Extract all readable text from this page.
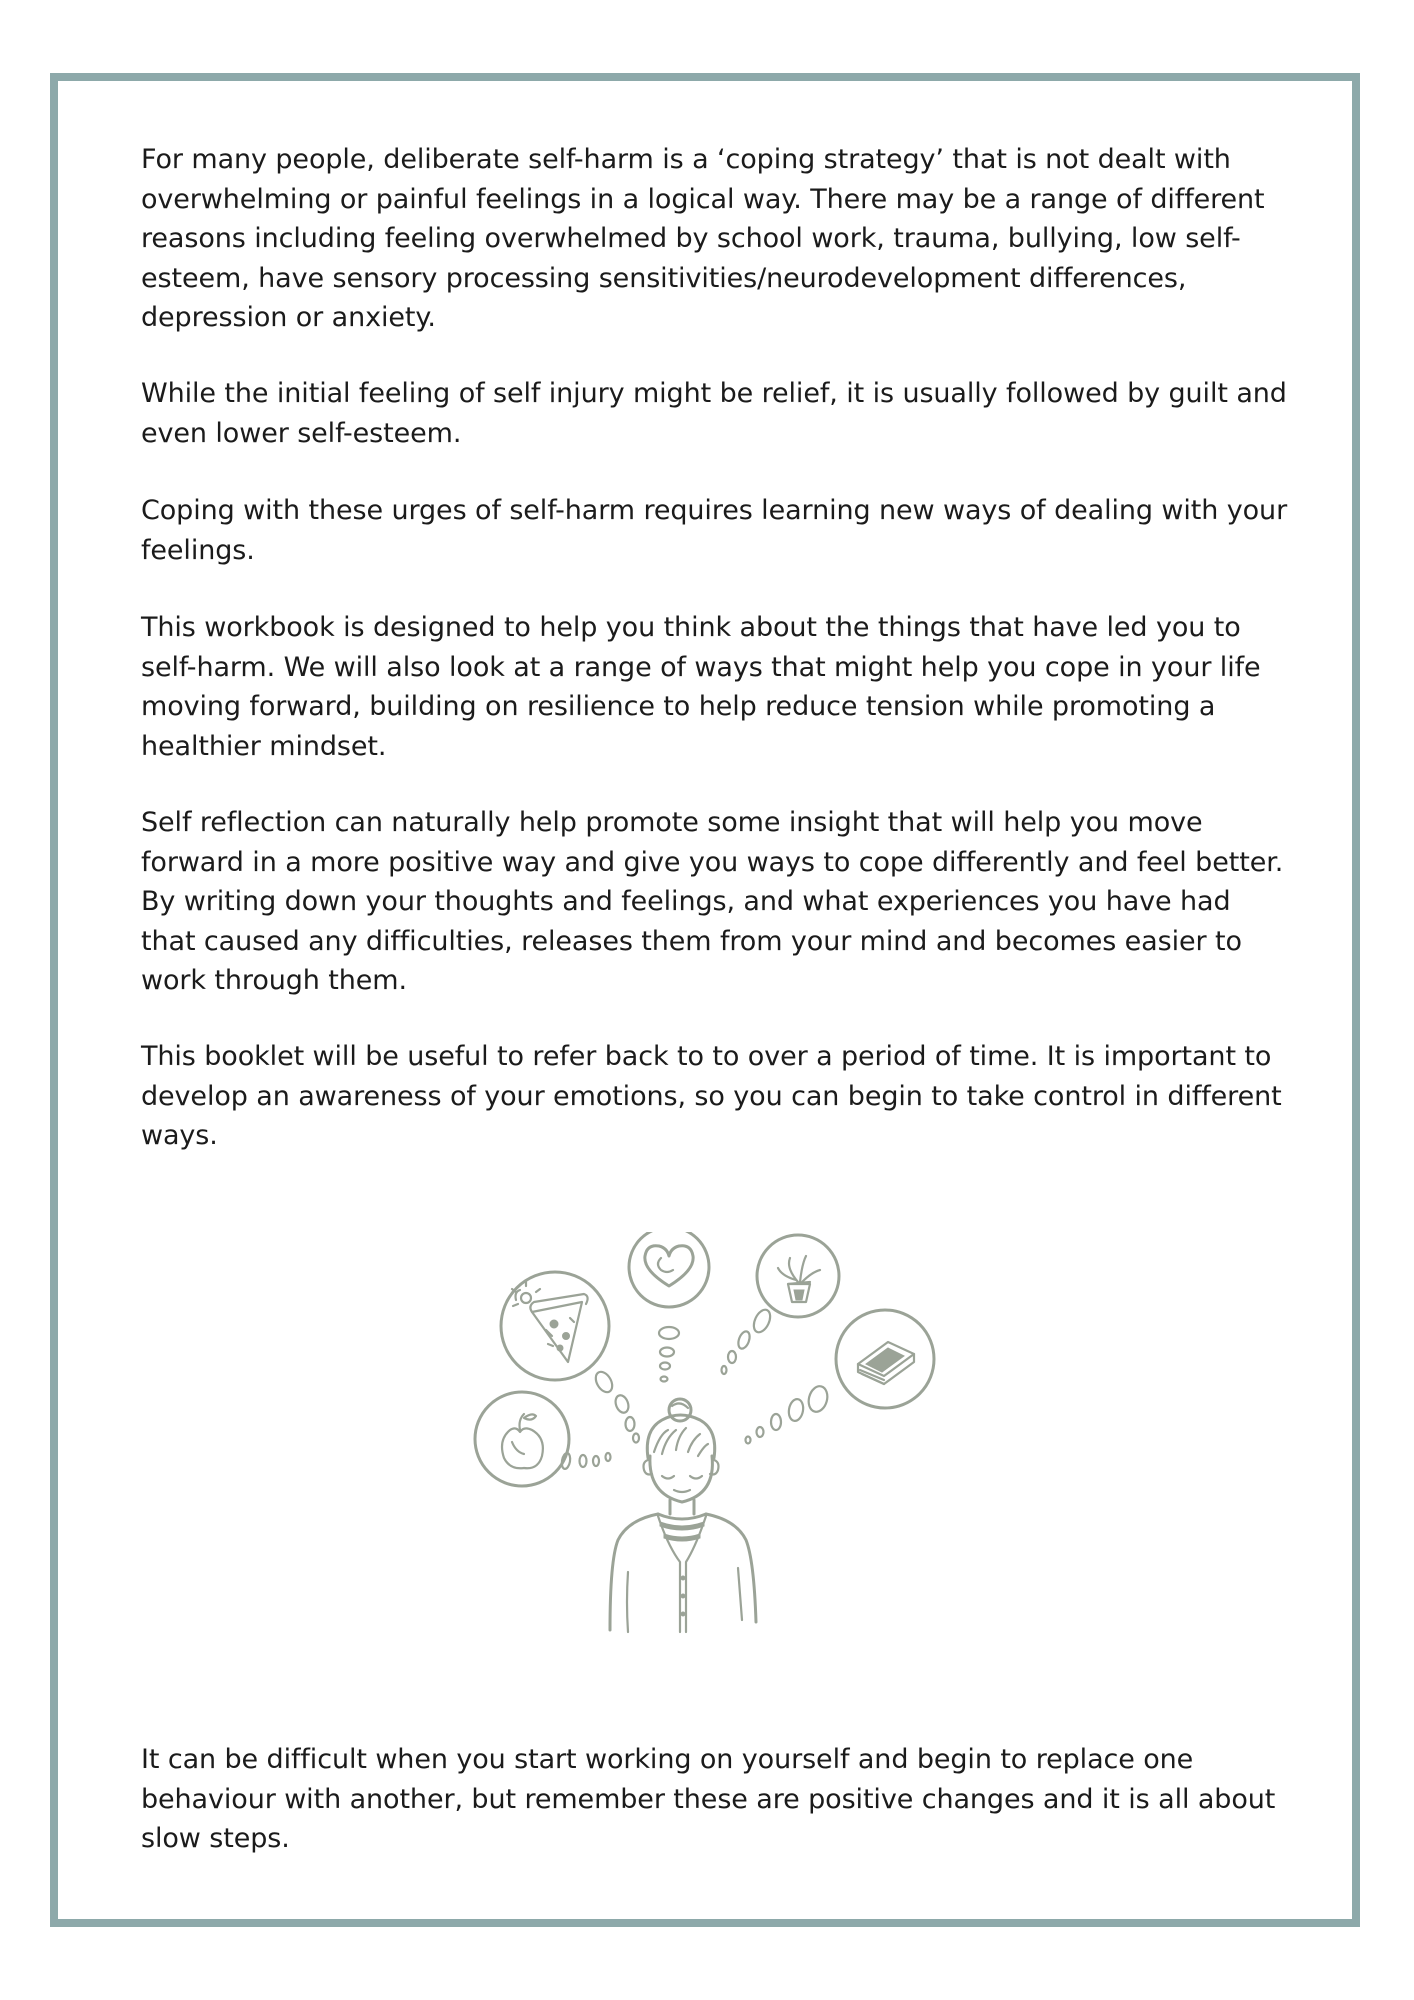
For many people, deliberate self-harm is a ‘coping strategy’ that is not dealt with overwhelming or painful feelings in a logical way. There may be a range of different reasons including feeling overwhelmed by school work, trauma, bullying, low self-esteem, have sensory processing sensitivities/neurodevelopment differences, depression or anxiety.

While the initial feeling of self injury might be relief, it is usually followed by guilt and even lower self-esteem.

Coping with these urges of self-harm requires learning new ways of dealing with your feelings.

This workbook is designed to help you think about the things that have led you to self-harm. We will also look at a range of ways that might help you cope in your life moving forward, building on resilience to help reduce tension while promoting a healthier mindset.

Self reflection can naturally help promote some insight that will help you move forward in a more positive way and give you ways to cope differently and feel better. By writing down your thoughts and feelings, and what experiences you have had that caused any difficulties, releases them from your mind and becomes easier to work through them.

This booklet will be useful to refer back to to over a period of time. It is important to develop an awareness of your emotions, so you can begin to take control in different ways.

It can be difficult when you start working on yourself and begin to replace one behaviour with another, but remember these are positive changes and it is all about slow steps.
